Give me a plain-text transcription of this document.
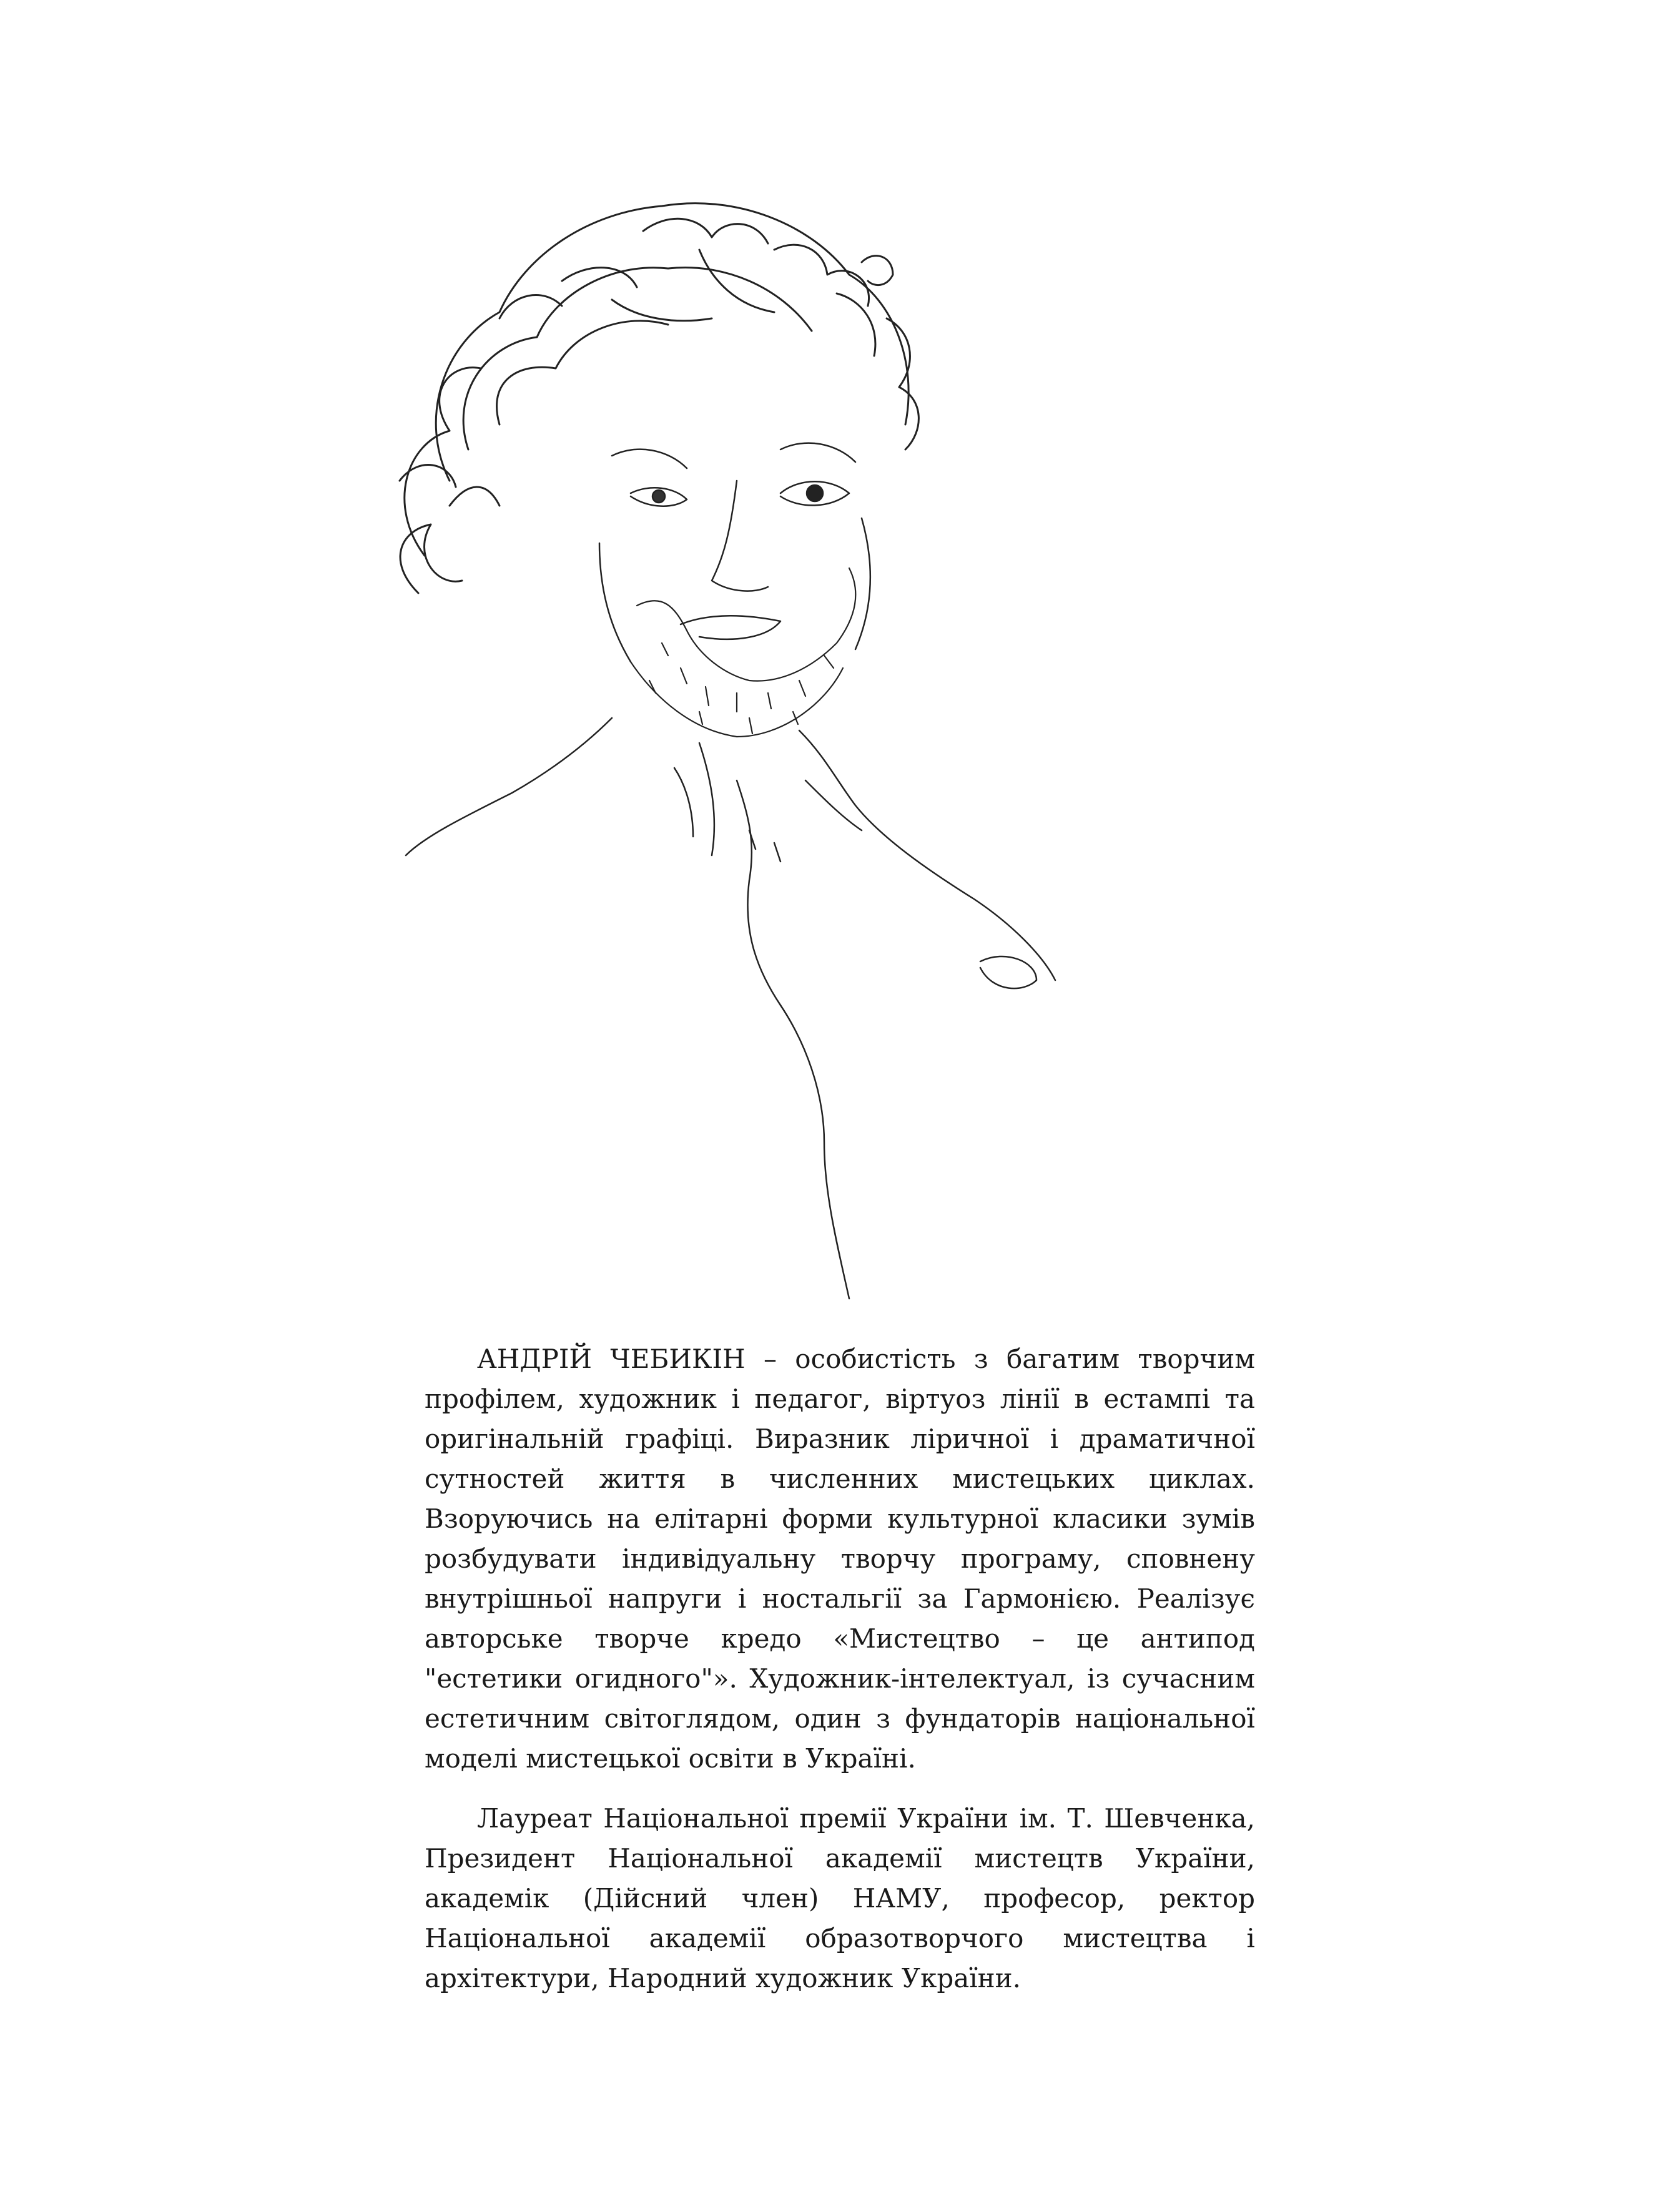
АНДРІЙ ЧЕБИКІН – особистість з багатим творчим профілем, художник і педагог, віртуоз лінії в естампі та оригінальній графіці. Виразник ліричної і драматичної сутностей життя в численних мистецьких циклах. Взоруючись на елітарні форми культурної класики зумів розбудувати індивідуальну творчу програму, сповнену внутрішньої напруги і ностальгії за Гармонією. Реалізує авторське творче кредо «Мистецтво – це антипод "естетики огидного"». Художник-інтелектуал, із сучасним естетичним світоглядом, один з фундаторів національної моделі мистецької освіти в Україні.

Лауреат Національної премії України ім. Т. Шевченка, Президент Національної академії мистецтв України, академік (Дійсний член) НАМУ, професор, ректор Національної академії образотворчого мистецтва і архітектури, Народний художник України.
